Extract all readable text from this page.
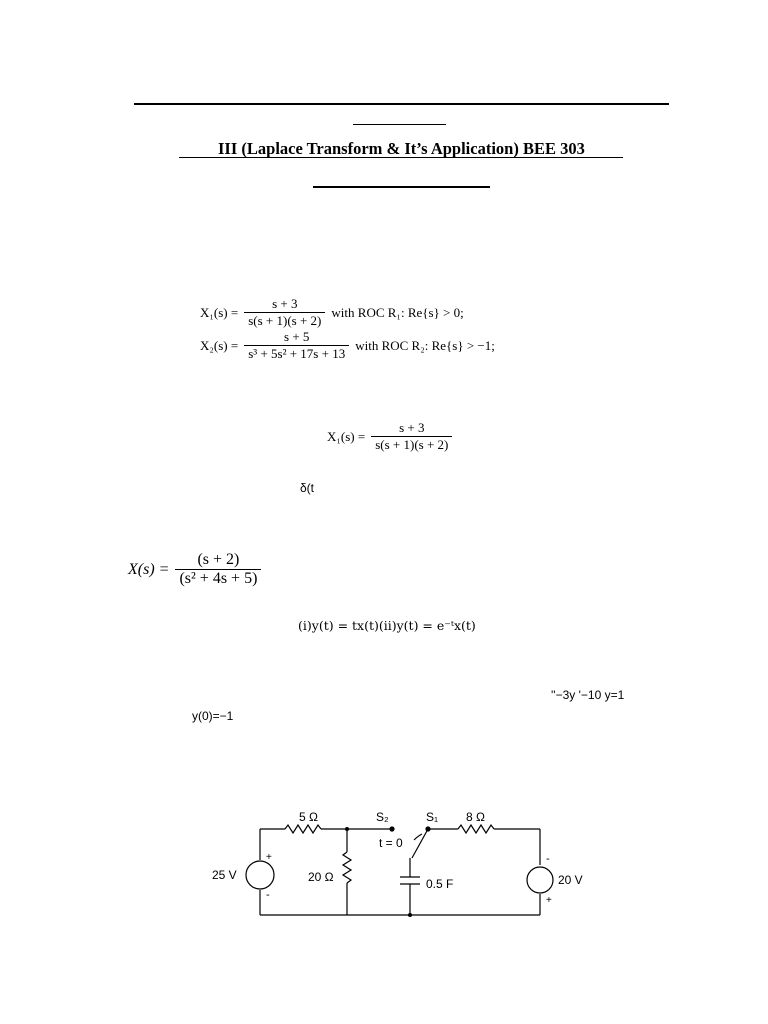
III (Laplace Transform & It’s Application) BEE 303
$X_1(s) = \frac{s + 3}{s(s + 1)(s + 2)}$ with ROC R₁: Re{s} > 0;
$X_2(s) = \frac{s + 5}{\text{s³ + 5s² + 17s + 13}}$ with ROC R₂: Re{s} > −1;
$X_1(s) = \frac{s + 3}{s(s + 1)(s + 2)}$
δ(t
$X(s) = \frac{(s + 2)}{\text{(s² + 4s + 5)}}$
(i)y(t) = tx(t)(ii)y(t) = e⁻ᵗx(t)
''−3y '−10 y=1
y(0)=−1
5 Ω	S₂	S₁ 8 Ω
t = 0
20 Ω	0.5 F
25 V	20 V
+
-
-
+
